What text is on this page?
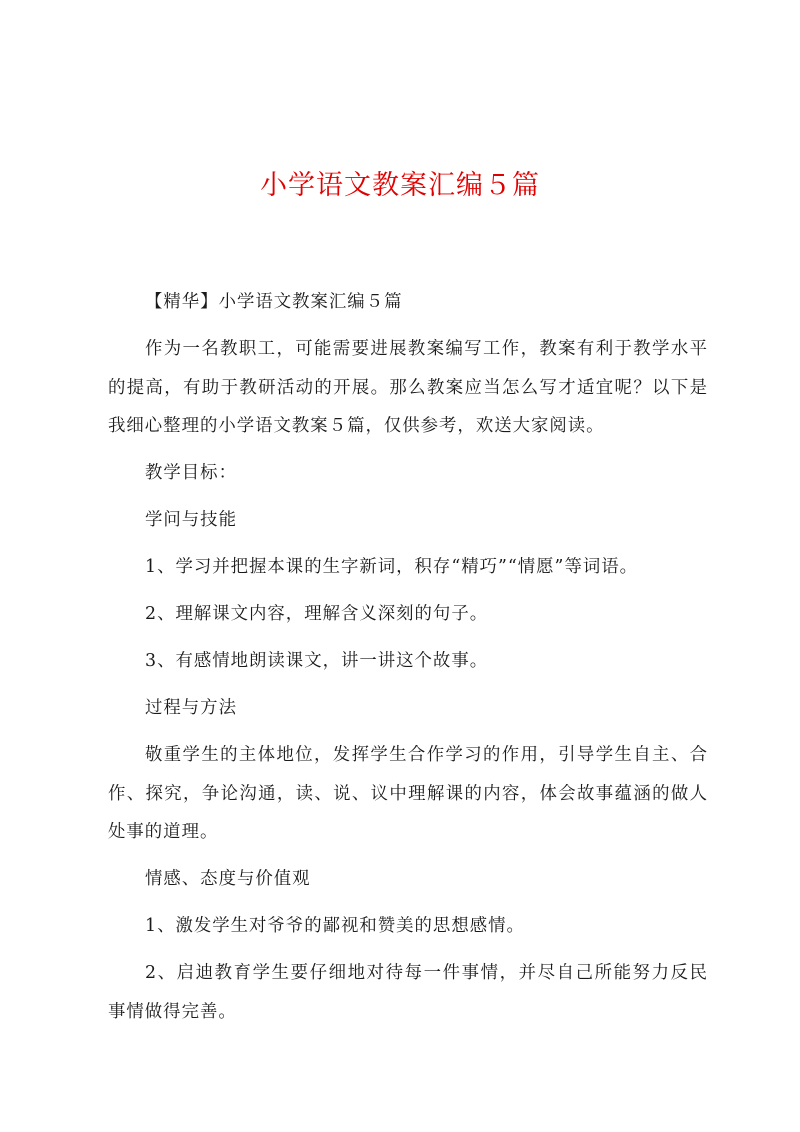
小学语文教案汇编５篇

【精华】小学语文教案汇编５篇

作为一名教职工，可能需要进展教案编写工作，教案有利于教学水平的提高，有助于教研活动的开展。那么教案应当怎么写才适宜呢？以下是我细心整理的小学语文教案５篇，仅供参考，欢送大家阅读。

教学目标：

学问与技能

1、学习并把握本课的生字新词，积存“精巧”“情愿”等词语。

2、理解课文内容，理解含义深刻的句子。

3、有感情地朗读课文，讲一讲这个故事。

过程与方法

敬重学生的主体地位，发挥学生合作学习的作用，引导学生自主、合作、探究，争论沟通，读、说、议中理解课的内容，体会故事蕴涵的做人处事的道理。

情感、态度与价值观

1、激发学生对爷爷的鄙视和赞美的思想感情。

2、启迪教育学生要仔细地对待每一件事情，并尽自己所能努力反民事情做得完善。
